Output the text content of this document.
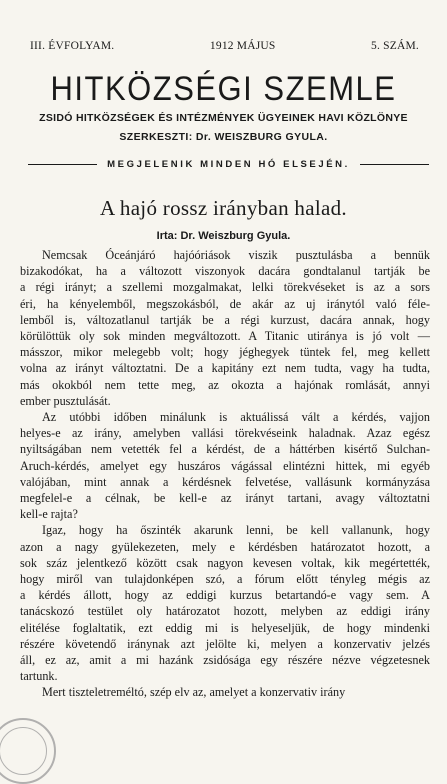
III. ÉVFOLYAM.	1912 MÁJUS	5. SZÁM.
HITKÖZSÉGI SZEMLE
ZSIDÓ HITKÖZSÉGEK ÉS INTÉZMÉNYEK ÜGYEINEK HAVI KÖZLÖNYE
SZERKESZTI: Dr. WEISZBURG GYULA.
MEGJELENIK MINDEN HÓ ELSEJÉN.
A hajó rossz irányban halad.
Irta: Dr. Weiszburg Gyula.

Nemcsak Óceánjáró hajóóriások viszik pusztulásba a bennük
bizakodókat, ha a változott viszonyok dacára gondtalanul tartják be
a régi irányt; a szellemi mozgalmakat, lelki törekvéseket is az a sors
éri, ha kényelemből, megszokásból, de akár az uj iránytól való féle-
lemből is, változatlanul tartják be a régi kurzust, dacára annak, hogy
körülöttük oly sok minden megváltozott. A Titanic utiránya is jó volt —
másszor, mikor melegebb volt; hogy jéghegyek tüntek fel, meg kellett
volna az irányt változtatni. De a kapitány ezt nem tudta, vagy ha tudta,
más okokból nem tette meg, az okozta a hajónak romlását, annyi
ember pusztulását.

Az utóbbi időben minálunk is aktuálissá vált a kérdés, vajjon
helyes-e az irány, amelyben vallási törekvéseink haladnak. Azaz egész
nyiltságában nem vetették fel a kérdést, de a háttérben kisértő Sulchan-
Aruch-kérdés, amelyet egy huszáros vágással elintézni hittek, mi egyéb
valójában, mint annak a kérdésnek felvetése, vallásunk kormányzása
megfelel-e a célnak, be kell-e az irányt tartani, avagy változtatni
kell-e rajta?

Igaz, hogy ha őszinték akarunk lenni, be kell vallanunk, hogy
azon a nagy gyülekezeten, mely e kérdésben határozatot hozott, a
sok száz jelentkező között csak nagyon kevesen voltak, kik megértették,
hogy miről van tulajdonképen szó, a fórum előtt tényleg mégis az
a kérdés állott, hogy az eddigi kurzus betartandó-e vagy sem. A
tanácskozó testület oly határozatot hozott, melyben az eddigi irány
elitélése foglaltatik, ezt eddig mi is helyeseljük, de hogy mindenki
részére követendő iránynak azt jelölte ki, melyen a konzervativ jelzés
áll, ez az, amit a mi hazánk zsidósága egy részére nézve végzetesnek
tartunk.

Mert tiszteletreméltó, szép elv az, amelyet a konzervativ irány
